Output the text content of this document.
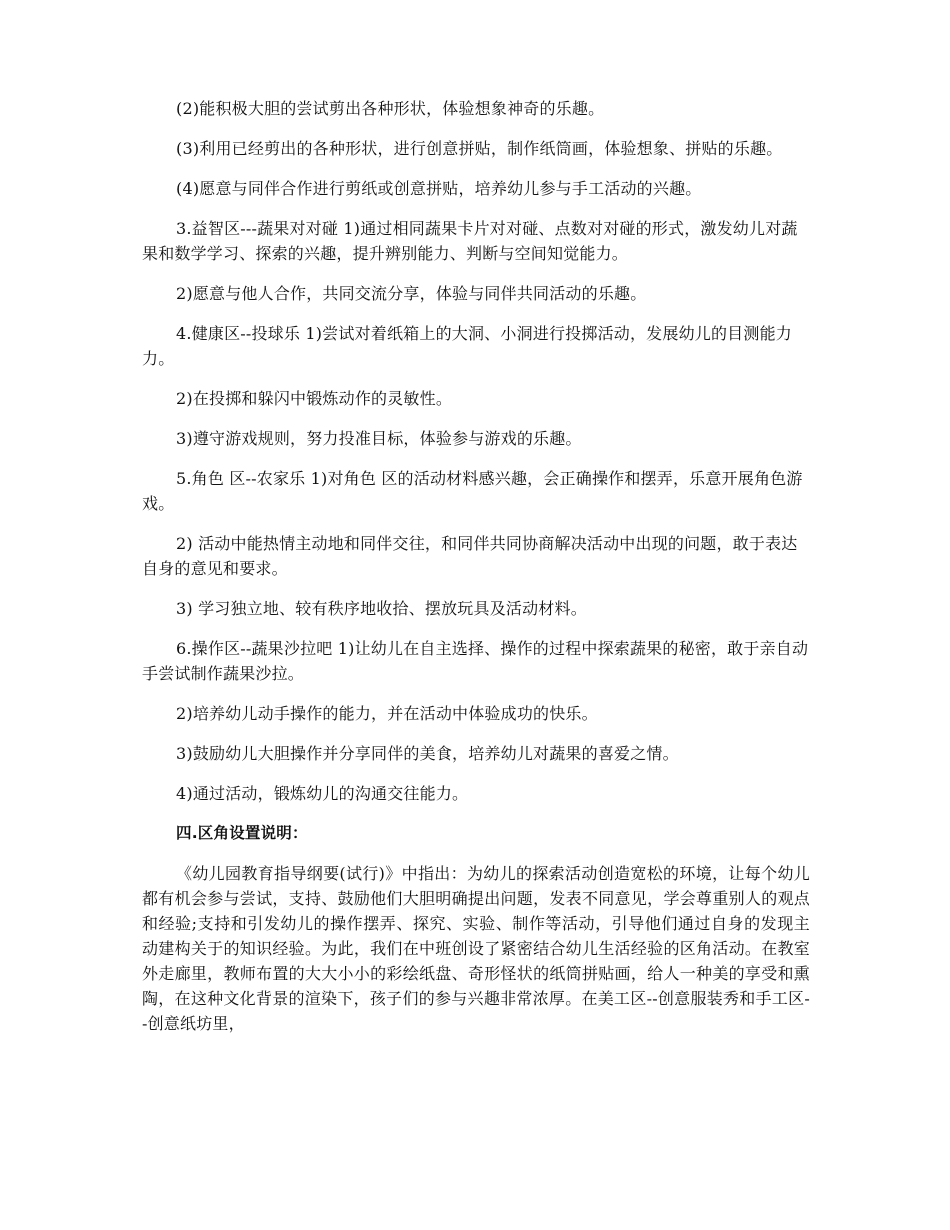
(2)能积极大胆的尝试剪出各种形状，体验想象神奇的乐趣。

(3)利用已经剪出的各种形状，进行创意拼贴，制作纸筒画，体验想象、拼贴的乐趣。

(4)愿意与同伴合作进行剪纸或创意拼贴，培养幼儿参与手工活动的兴趣。

3.益智区---蔬果对对碰 1)通过相同蔬果卡片对对碰、点数对对碰的形式，激发幼儿对蔬果和数学学习、探索的兴趣，提升辨别能力、判断与空间知觉能力。

2)愿意与他人合作，共同交流分享，体验与同伴共同活动的乐趣。

4.健康区--投球乐 1)尝试对着纸箱上的大洞、小洞进行投掷活动，发展幼儿的目测能力力。

2)在投掷和躲闪中锻炼动作的灵敏性。

3)遵守游戏规则，努力投准目标，体验参与游戏的乐趣。

5.角色 区--农家乐 1)对角色 区的活动材料感兴趣，会正确操作和摆弄，乐意开展角色游戏。

2) 活动中能热情主动地和同伴交往，和同伴共同协商解决活动中出现的问题，敢于表达自身的意见和要求。

3) 学习独立地、较有秩序地收拾、摆放玩具及活动材料。

6.操作区--蔬果沙拉吧 1)让幼儿在自主选择、操作的过程中探索蔬果的秘密，敢于亲自动手尝试制作蔬果沙拉。

2)培养幼儿动手操作的能力，并在活动中体验成功的快乐。

3)鼓励幼儿大胆操作并分享同伴的美食，培养幼儿对蔬果的喜爱之情。

4)通过活动，锻炼幼儿的沟通交往能力。

四.区角设置说明：

《幼儿园教育指导纲要(试行)》中指出：为幼儿的探索活动创造宽松的环境，让每个幼儿都有机会参与尝试，支持、鼓励他们大胆明确提出问题，发表不同意见，学会尊重别人的观点和经验;支持和引发幼儿的操作摆弄、探究、实验、制作等活动，引导他们通过自身的发现主动建构关于的知识经验。为此，我们在中班创设了紧密结合幼儿生活经验的区角活动。在教室外走廊里，教师布置的大大小小的彩绘纸盘、奇形怪状的纸筒拼贴画，给人一种美的享受和熏陶，在这种文化背景的渲染下，孩子们的参与兴趣非常浓厚。在美工区--创意服装秀和手工区--创意纸坊里，
